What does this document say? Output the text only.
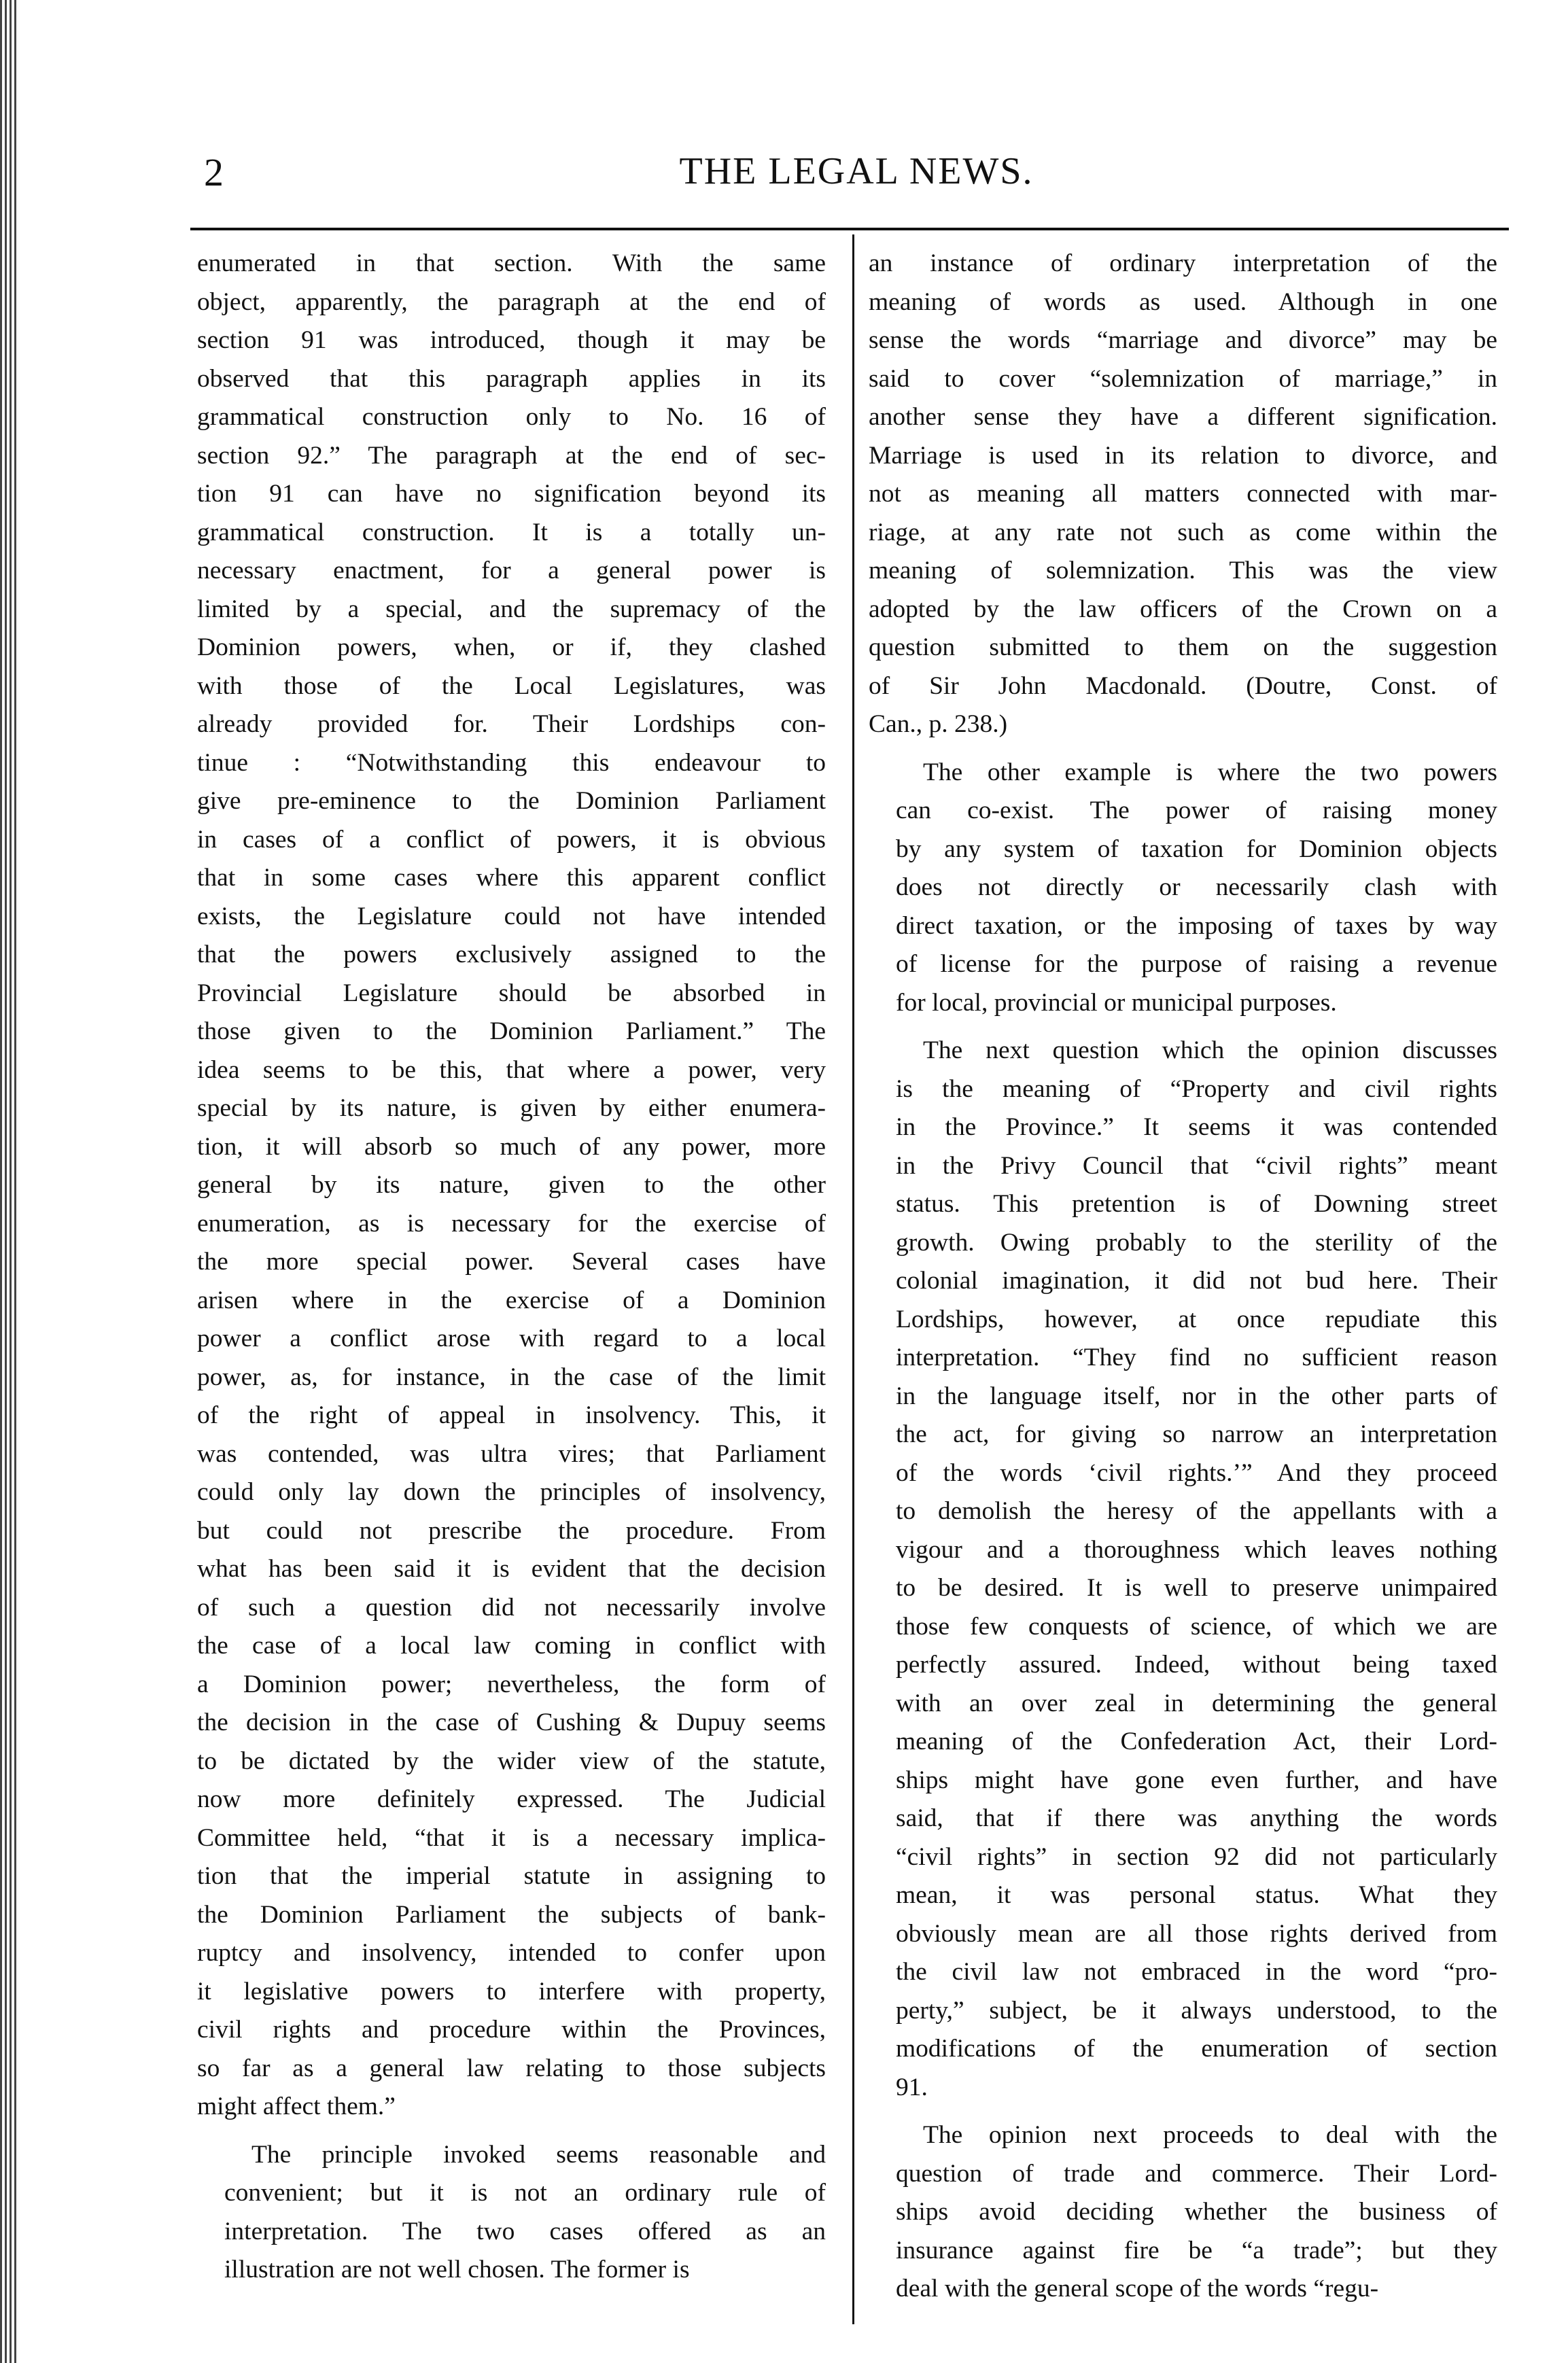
2	THE LEGAL NEWS.
enumerated in that section. With the same
object, apparently, the paragraph at the end of
section 91 was introduced, though it may be
observed that this paragraph applies in its
grammatical construction only to No. 16 of
section 92.” The paragraph at the end of sec-
tion 91 can have no signification beyond its
grammatical construction. It is a totally un-
necessary enactment, for a general power is
limited by a special, and the supremacy of the
Dominion powers, when, or if, they clashed
with those of the Local Legislatures, was
already provided for. Their Lordships con-
tinue : “Notwithstanding this endeavour to
give pre-eminence to the Dominion Parliament
in cases of a conflict of powers, it is obvious
that in some cases where this apparent conflict
exists, the Legislature could not have intended
that the powers exclusively assigned to the
Provincial Legislature should be absorbed in
those given to the Dominion Parliament.” The
idea seems to be this, that where a power, very
special by its nature, is given by either enumera-
tion, it will absorb so much of any power, more
general by its nature, given to the other
enumeration, as is necessary for the exercise of
the more special power. Several cases have
arisen where in the exercise of a Dominion
power a conflict arose with regard to a local
power, as, for instance, in the case of the limit
of the right of appeal in insolvency. This, it
was contended, was ultra vires; that Parliament
could only lay down the principles of insolvency,
but could not prescribe the procedure. From
what has been said it is evident that the decision
of such a question did not necessarily involve
the case of a local law coming in conflict with
a Dominion power; nevertheless, the form of
the decision in the case of Cushing & Dupuy seems
to be dictated by the wider view of the statute,
now more definitely expressed. The Judicial
Committee held, “that it is a necessary implica-
tion that the imperial statute in assigning to
the Dominion Parliament the subjects of bank-
ruptcy and insolvency, intended to confer upon
it legislative powers to interfere with property,
civil rights and procedure within the Provinces,
so far as a general law relating to those subjects
might affect them.”
The principle invoked seems reasonable and
convenient; but it is not an ordinary rule of
interpretation. The two cases offered as an
illustration are not well chosen. The former is
an instance of ordinary interpretation of the
meaning of words as used. Although in one
sense the words “marriage and divorce” may be
said to cover “solemnization of marriage,” in
another sense they have a different signification.
Marriage is used in its relation to divorce, and
not as meaning all matters connected with mar-
riage, at any rate not such as come within the
meaning of solemnization. This was the view
adopted by the law officers of the Crown on a
question submitted to them on the suggestion
of Sir John Macdonald. (Doutre, Const. of
Can., p. 238.)
The other example is where the two powers
can co-exist. The power of raising money
by any system of taxation for Dominion objects
does not directly or necessarily clash with
direct taxation, or the imposing of taxes by way
of license for the purpose of raising a revenue
for local, provincial or municipal purposes.
The next question which the opinion discusses
is the meaning of “Property and civil rights
in the Province.” It seems it was contended
in the Privy Council that “civil rights” meant
status. This pretention is of Downing street
growth. Owing probably to the sterility of the
colonial imagination, it did not bud here. Their
Lordships, however, at once repudiate this
interpretation. “They find no sufficient reason
in the language itself, nor in the other parts of
the act, for giving so narrow an interpretation
of the words ‘civil rights.’” And they proceed
to demolish the heresy of the appellants with a
vigour and a thoroughness which leaves nothing
to be desired. It is well to preserve unimpaired
those few conquests of science, of which we are
perfectly assured. Indeed, without being taxed
with an over zeal in determining the general
meaning of the Confederation Act, their Lord-
ships might have gone even further, and have
said, that if there was anything the words
“civil rights” in section 92 did not particularly
mean, it was personal status. What they
obviously mean are all those rights derived from
the civil law not embraced in the word “pro-
perty,” subject, be it always understood, to the
modifications of the enumeration of section
91.
The opinion next proceeds to deal with the
question of trade and commerce. Their Lord-
ships avoid deciding whether the business of
insurance against fire be “a trade”; but they
deal with the general scope of the words “regu-
